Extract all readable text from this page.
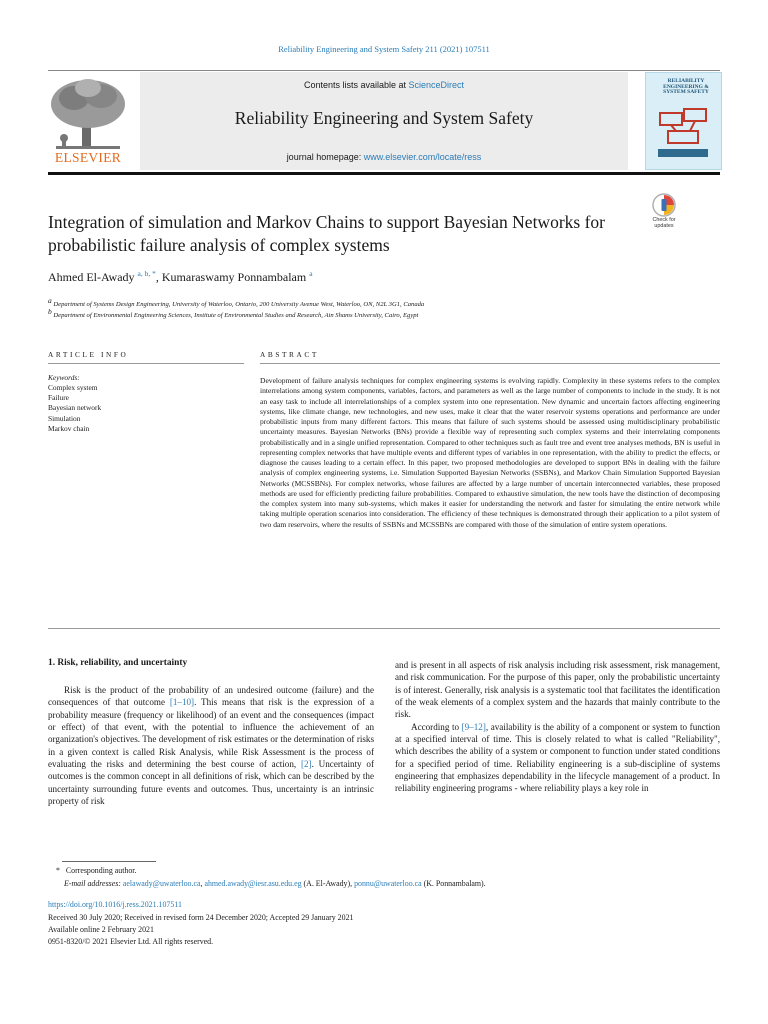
Reliability Engineering and System Safety 211 (2021) 107511
Contents lists available at ScienceDirect
Reliability Engineering and System Safety
journal homepage: www.elsevier.com/locate/ress
ELSEVIER
RELIABILITY ENGINEERING & SYSTEM SAFETY
Integration of simulation and Markov Chains to support Bayesian Networks for probabilistic failure analysis of complex systems
Check for updates
Ahmed El-Awady $^{a, b, *}$, Kumaraswamy Ponnambalam $^a$
a Department of Systems Design Engineering, University of Waterloo, Ontario, 200 University Avenue West, Waterloo, ON, N2L 3G1, Canada
b Department of Environmental Engineering Sciences, Institute of Environmental Studies and Research, Ain Shams University, Cairo, Egypt
ARTICLE INFO	ABSTRACT
Keywords:
Complex system
Failure
Bayesian network
Simulation
Markov chain
Development of failure analysis techniques for complex engineering systems is evolving rapidly. Complexity in these systems refers to the complex interrelations among system components, variables, factors, and parameters as well as the large number of components to include in the study. It is not an easy task to include all interrelationships of a complex system into one representation. New dynamic and uncertain factors affecting engineering systems, like climate change, new technologies, and new uses, make it clear that the water reservoir systems operations and performance are under probabilistic inputs from many different factors. This means that failure of such systems should be assessed using multidisciplinary probabilistic uncertainty measures. Bayesian Networks (BNs) provide a flexible way of representing such complex systems and their interrelating components probabilistically and in a single unified representation. Compared to other techniques such as fault tree and event tree analyses methods, BN is useful in representing complex networks that have multiple events and different types of variables in one representation, with the ability to predict the effects, or diagnose the causes leading to a certain effect. In this paper, two proposed methodologies are developed to support BNs in dealing with the failure analysis of complex engineering systems, i.e. Simulation Supported Bayesian Networks (SSBNs), and Markov Chain Simulation Supported Bayesian Networks (MCSSBNs). For complex networks, whose failures are affected by a large number of uncertain interconnected variables, these proposed methods are used for efficiently predicting failure probabilities. Compared to exhaustive simulation, the new tools have the distinction of decomposing the complex system into many sub-systems, which makes it easier for understanding the network and faster for simulating the entire network while taking multiple operation scenarios into consideration. The efficiency of these techniques is demonstrated through their application to a pilot system of two dam reservoirs, where the results of SSBNs and MCSSBNs are compared with those of the simulation of entire system operations.
1. Risk, reliability, and uncertainty

Risk is the product of the probability of an undesired outcome (failure) and the consequences of that outcome [1–10]. This means that risk is the expression of a probability measure (frequency or likelihood) of an event and the consequences (impact or effect) of that event, with the potential to influence the achievement of an organization's objectives. The development of risk estimates or the determination of risks in a given context is called Risk Analysis, while Risk Assessment is the process of evaluating the risks and determining the best course of action, [2]. Uncertainty of outcomes is the common concept in all definitions of risk, which can be described by the uncertainty surrounding future events and outcomes. Thus, uncertainty is an intrinsic property of risk

and is present in all aspects of risk analysis including risk assessment, risk management, and risk communication. For the purpose of this paper, only the probabilistic uncertainty is of interest. Generally, risk analysis is a systematic tool that facilitates the identification of the weak elements of a complex system and the hazards that mainly contribute to the risk.

According to [9–12], availability is the ability of a component or system to function at a specified interval of time. This is closely related to what is called "Reliability", which describes the ability of a system or component to function under stated conditions for a specified period of time. Reliability engineering is a sub-discipline of systems engineering that emphasizes dependability in the lifecycle management of a product. In reliability engineering programs - where reliability plays a key role in

* Corresponding author.
E-mail addresses: aelawady@uwaterloo.ca, ahmed.awady@iesr.asu.edu.eg (A. El-Awady), ponnu@uwaterloo.ca (K. Ponnambalam).
https://doi.org/10.1016/j.ress.2021.107511
Received 30 July 2020; Received in revised form 24 December 2020; Accepted 29 January 2021
Available online 2 February 2021
0951-8320/© 2021 Elsevier Ltd. All rights reserved.
